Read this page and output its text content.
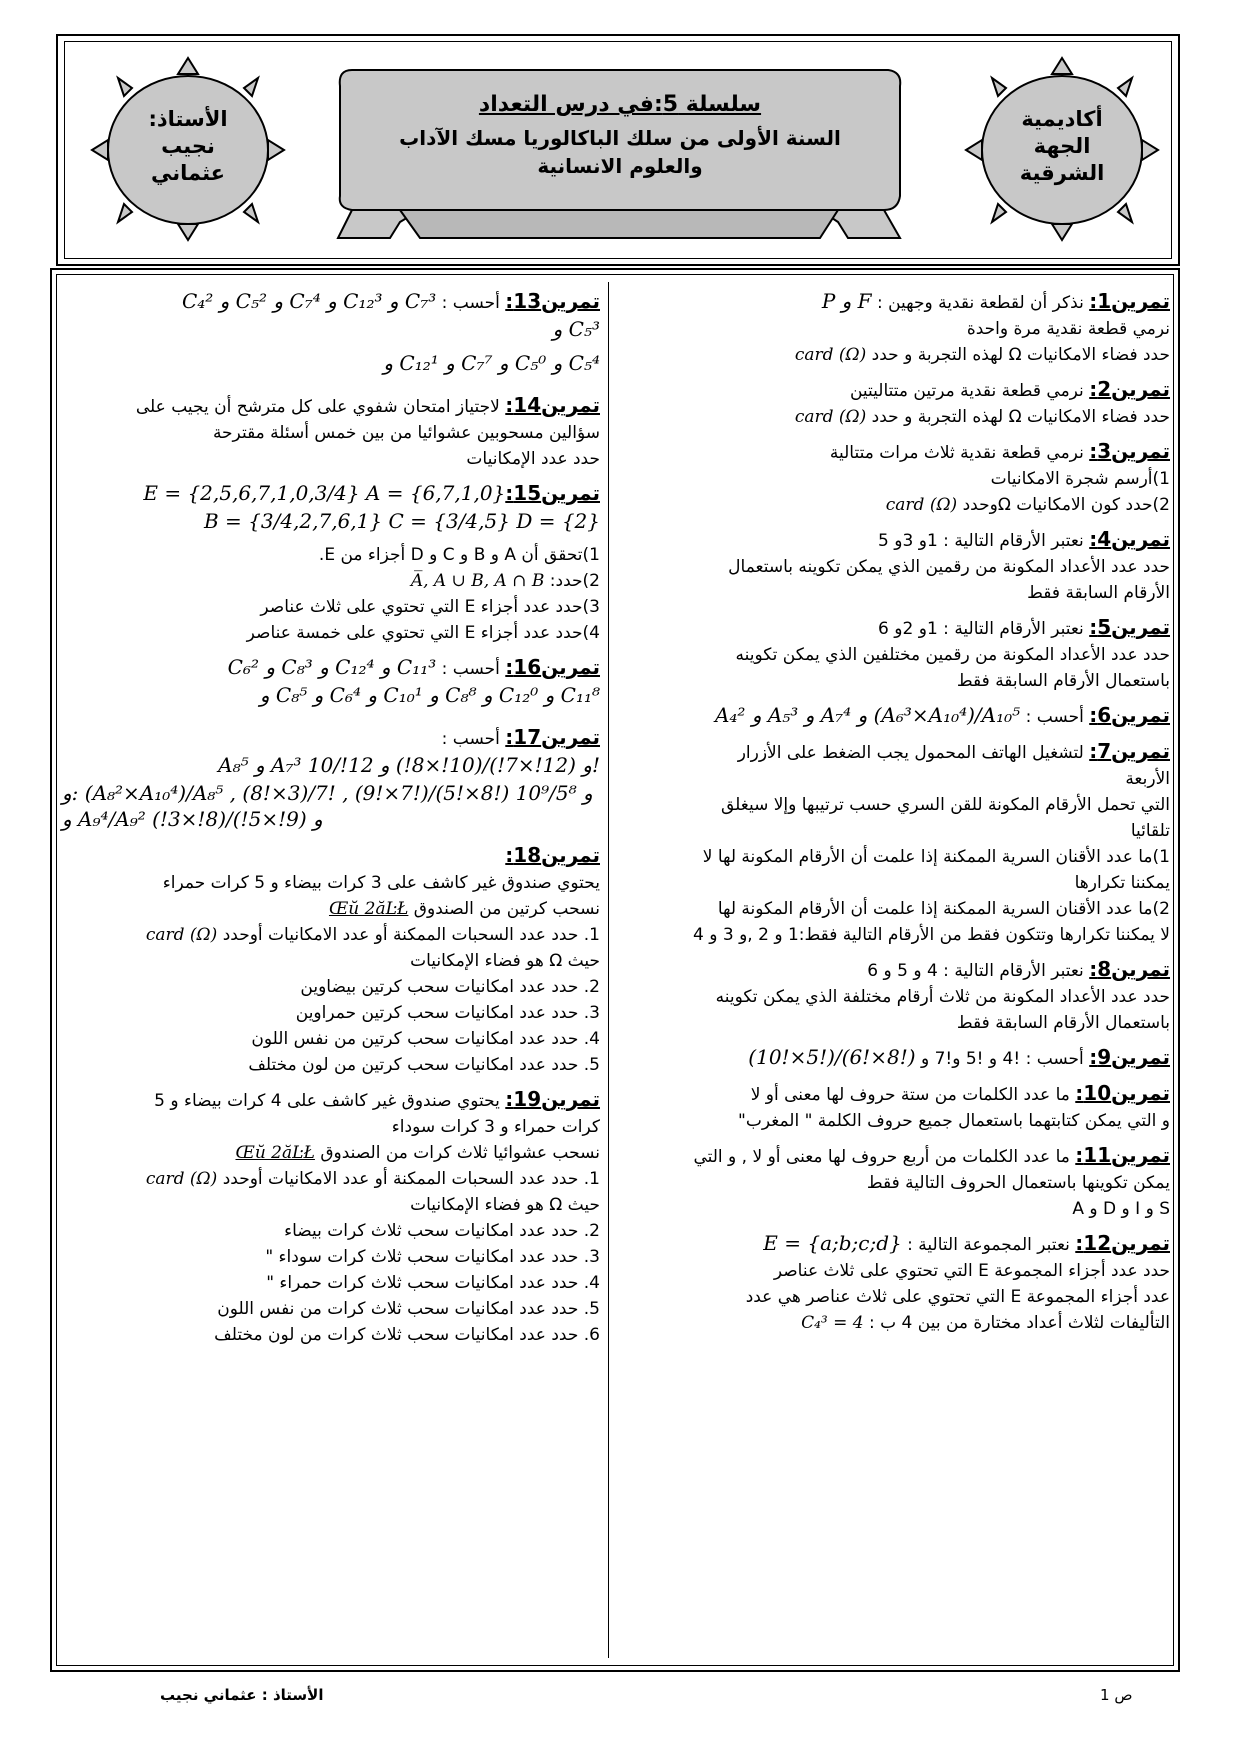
الأستاذ:
نجيب
عثماني
أكاديمية
الجهة
الشرقية
سلسلة 5:في درس التعداد
السنة الأولى من سلك الباكالوريا مسك الآداب
والعلوم الانسانية
تمرين1: نذكر أن لقطعة نقدية وجهين : P و F
نرمي قطعة نقدية مرة واحدة
حدد فضاء الامكانيات Ω لهذه التجربة و حدد card (Ω)
تمرين2: نرمي قطعة نقدية مرتين متتاليتين
حدد فضاء الامكانيات Ω لهذه التجربة و حدد card (Ω)
تمرين3: نرمي قطعة نقدية ثلاث مرات متتالية
1)أرسم شجرة الامكانيات
2)حدد كون الامكانيات Ωوحدد card (Ω)
تمرين4: نعتبر الأرقام التالية : 1و 3و 5
حدد عدد الأعداد المكونة من رقمين الذي يمكن تكوينه باستعمال
الأرقام السابقة فقط
تمرين5: نعتبر الأرقام التالية : 1و 2و 6
حدد عدد الأعداد المكونة من رقمين مختلفين الذي يمكن تكوينه
باستعمال الأرقام السابقة فقط
تمرين6: أحسب : A₄² و A₅³ و A₇⁴ و (A₆³×A₁₀⁴)/A₁₀⁵
تمرين7: لتشغيل الهاتف المحمول يجب الضغط على الأزرار
الأربعة
التي تحمل الأرقام المكونة للقن السري حسب ترتيبها وإلا سيغلق
تلقائيا
1)ما عدد الأقنان السرية الممكنة إذا علمت أن الأرقام المكونة لها لا
يمكننا تكرارها
2)ما عدد الأقنان السرية الممكنة إذا علمت أن الأرقام المكونة لها
لا يمكننا تكرارها وتتكون فقط من الأرقام التالية فقط:1 و 2 ,و 3 و 4
تمرين8: نعتبر الأرقام التالية : 4 و 5 و 6
حدد عدد الأعداد المكونة من ثلاث أرقام مختلفة الذي يمكن تكوينه
باستعمال الأرقام السابقة فقط
تمرين9: أحسب : !4 و !5 و!7 و (10!×5!)/(6!×8!)
تمرين10: ما عدد الكلمات من ستة حروف لها معنى أو لا
و التي يمكن كتابتهما باستعمال جميع حروف الكلمة " المغرب"
تمرين11: ما عدد الكلمات من أربع حروف لها معنى أو لا , و التي
يمكن تكوينها باستعمال الحروف التالية فقط
S و I و D و A
تمرين12: نعتبر المجموعة التالية : E = {a;b;c;d}
حدد عدد أجزاء المجموعة E التي تحتوي على ثلاث عناصر
عدد أجزاء المجموعة E التي تحتوي على ثلاث عناصر هي عدد
التأليفات لثلاث أعداد مختارة من بين 4 ب : C₄³ = 4
تمرين13: أحسب : C₄² و C₅² و C₇⁴ و C₁₂³ و C₇³
و C₅³
و C₁₂¹ و C₇⁷ و C₅⁰ و C₅⁴
تمرين14: لاجتياز امتحان شفوي على كل مترشح أن يجيب على
سؤالين مسحوبين عشوائيا من بين خمس أسئلة مقترحة
حدد عدد الإمكانيات
تمرين15:E = {2,5,6,7,1,0,3/4} A = {6,7,1,0}
B = {3/4,2,7,6,1} C = {3/4,5} D = {2}
1)تحقق أن A و B و C و D أجزاء من E.
2)حدد: A̅, A ∪ B, A ∩ B
3)حدد عدد أجزاء E التي تحتوي على ثلاث عناصر
4)حدد عدد أجزاء E التي تحتوي على خمسة عناصر
تمرين16: أحسب : C₆² و C₈³ و C₁₂⁴ و C₁₁³
و C₈⁵ و C₆⁴ و C₁₀¹ و C₈⁸ و C₁₂⁰ و C₁₁⁸
تمرين17: أحسب : A₈⁵ و A₇³ و (12!×7!)/(10!×8!) و 12!/10!
و: (A₈²×A₁₀⁴)/A₈⁵ , (8!×3)/7! , (9!×7!)/(5!×8!) و 10⁹/5⁸ و A₉⁴/A₉² و (9!×5!)/(8!×3!)
تمرين18:
يحتوي صندوق غير كاشف على 3 كرات بيضاء و 5 كرات حمراء
نسحب كرتين من الصندوق Œŭ 2ăĿŁ
1. حدد عدد السحبات الممكنة أو عدد الامكانيات أوحدد card (Ω)
حيث Ω هو فضاء الإمكانيات
2. حدد عدد امكانيات سحب كرتين بيضاوين
3. حدد عدد امكانيات سحب كرتين حمراوين
4. حدد عدد امكانيات سحب كرتين من نفس اللون
5. حدد عدد امكانيات سحب كرتين من لون مختلف
تمرين19: يحتوي صندوق غير كاشف على 4 كرات بيضاء و 5
كرات حمراء و 3 كرات سوداء
نسحب عشوائيا ثلاث كرات من الصندوق Œŭ 2ăĿŁ
1. حدد عدد السحبات الممكنة أو عدد الامكانيات أوحدد card (Ω)
حيث Ω هو فضاء الإمكانيات
2. حدد عدد امكانيات سحب ثلاث كرات بيضاء
3. حدد عدد امكانيات سحب ثلاث كرات سوداء "
4. حدد عدد امكانيات سحب ثلاث كرات حمراء "
5. حدد عدد امكانيات سحب ثلاث كرات من نفس اللون
6. حدد عدد امكانيات سحب ثلاث كرات من لون مختلف
الأستاذ : عثماني نجيب	ص 1
